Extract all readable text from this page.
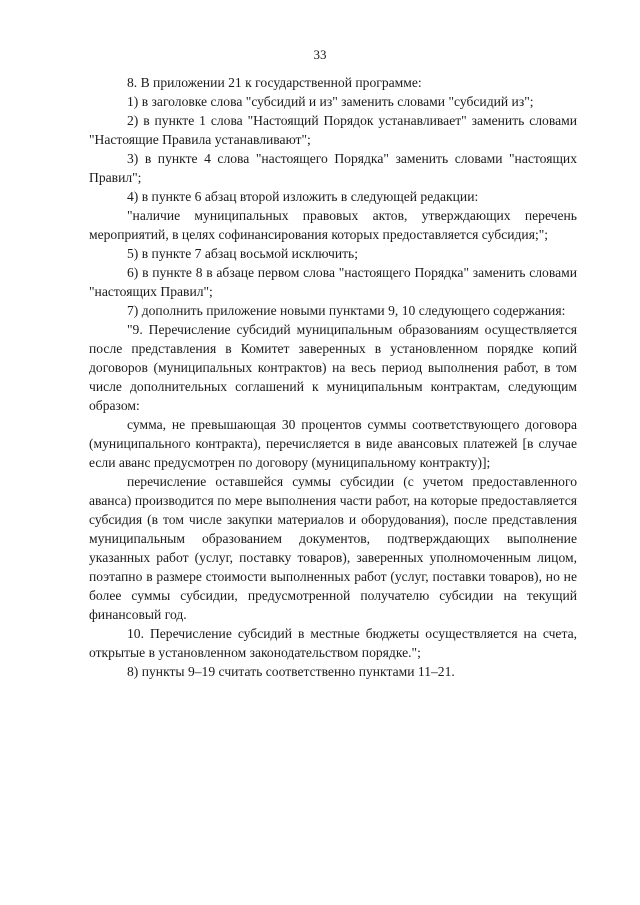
33

8. В приложении 21 к государственной программе:

1) в заголовке слова "субсидий и из" заменить словами "субсидий из";

2) в пункте 1 слова "Настоящий Порядок устанавливает" заменить словами "Настоящие Правила устанавливают";

3) в пункте 4 слова "настоящего Порядка" заменить словами "настоящих Правил";

4) в пункте 6 абзац второй изложить в следующей редакции:

"наличие муниципальных правовых актов, утверждающих перечень мероприятий, в целях софинансирования которых предоставляется субсидия;";

5) в пункте 7 абзац восьмой исключить;

6) в пункте 8 в абзаце первом слова "настоящего Порядка" заменить словами "настоящих Правил";

7) дополнить приложение новыми пунктами 9, 10 следующего содержания:

"9. Перечисление субсидий муниципальным образованиям осуществляется после представления в Комитет заверенных в установленном порядке копий договоров (муниципальных контрактов) на весь период выполнения работ, в том числе дополнительных соглашений к муниципальным контрактам, следующим образом:

сумма, не превышающая 30 процентов суммы соответствующего договора (муниципального контракта), перечисляется в виде авансовых платежей [в случае если аванс предусмотрен по договору (муниципальному контракту)];

перечисление оставшейся суммы субсидии (с учетом предоставленного аванса) производится по мере выполнения части работ, на которые предоставляется субсидия (в том числе закупки материалов и оборудования), после представления муниципальным образованием документов, подтверждающих выполнение указанных работ (услуг, поставку товаров), заверенных уполномоченным лицом, поэтапно в размере стоимости выполненных работ (услуг, поставки товаров), но не более суммы субсидии, предусмотренной получателю субсидии на текущий финансовый год.

10. Перечисление субсидий в местные бюджеты осуществляется на счета, открытые в установленном законодательством порядке.";

8) пункты 9–19 считать соответственно пунктами 11–21.
